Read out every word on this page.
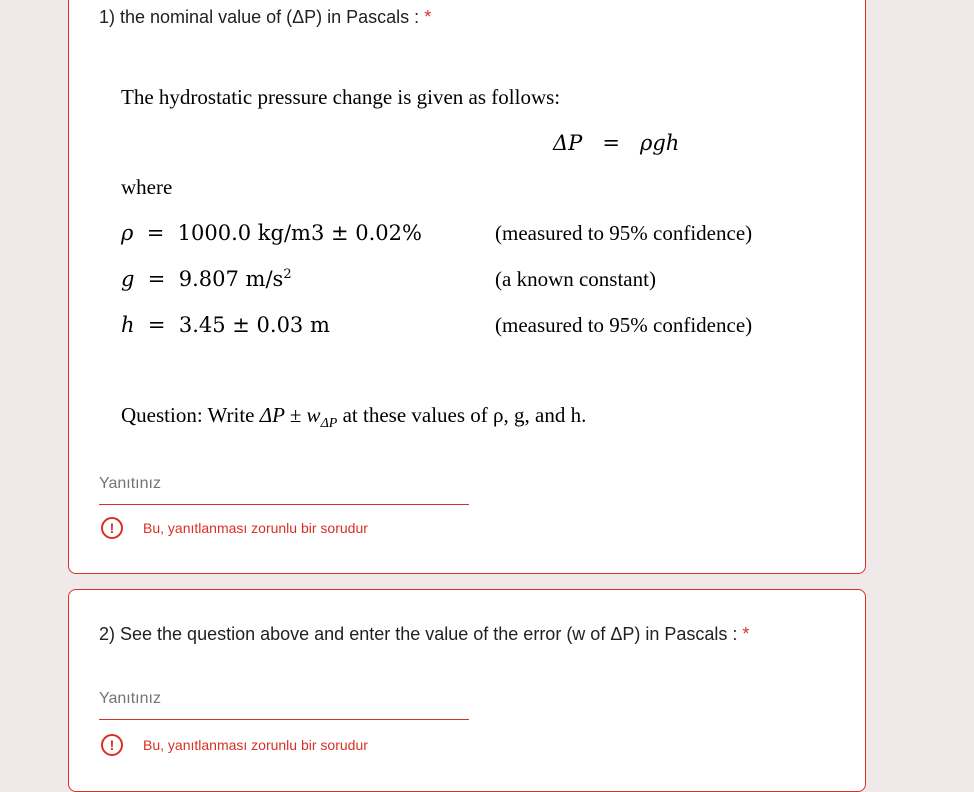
1) the nominal value of (ΔP) in Pascals : *
The hydrostatic pressure change is given as follows:
ΔP = ρgh
where
ρ  =  1000.0 kg/m3 ± 0.02%	(measured to 95% confidence)
g  =  9.807 $m/s^2$	(a known constant)
h  =  3.45 ± 0.03 m	(measured to 95% confidence)
Question: Write $\Delta P \pm w_{\Delta P}$ at these values of ρ, g, and h.
Yanıtınız
!	Bu, yanıtlanması zorunlu bir sorudur
2) See the question above and enter the value of the error (w of ΔP) in Pascals : *
Yanıtınız
!	Bu, yanıtlanması zorunlu bir sorudur
